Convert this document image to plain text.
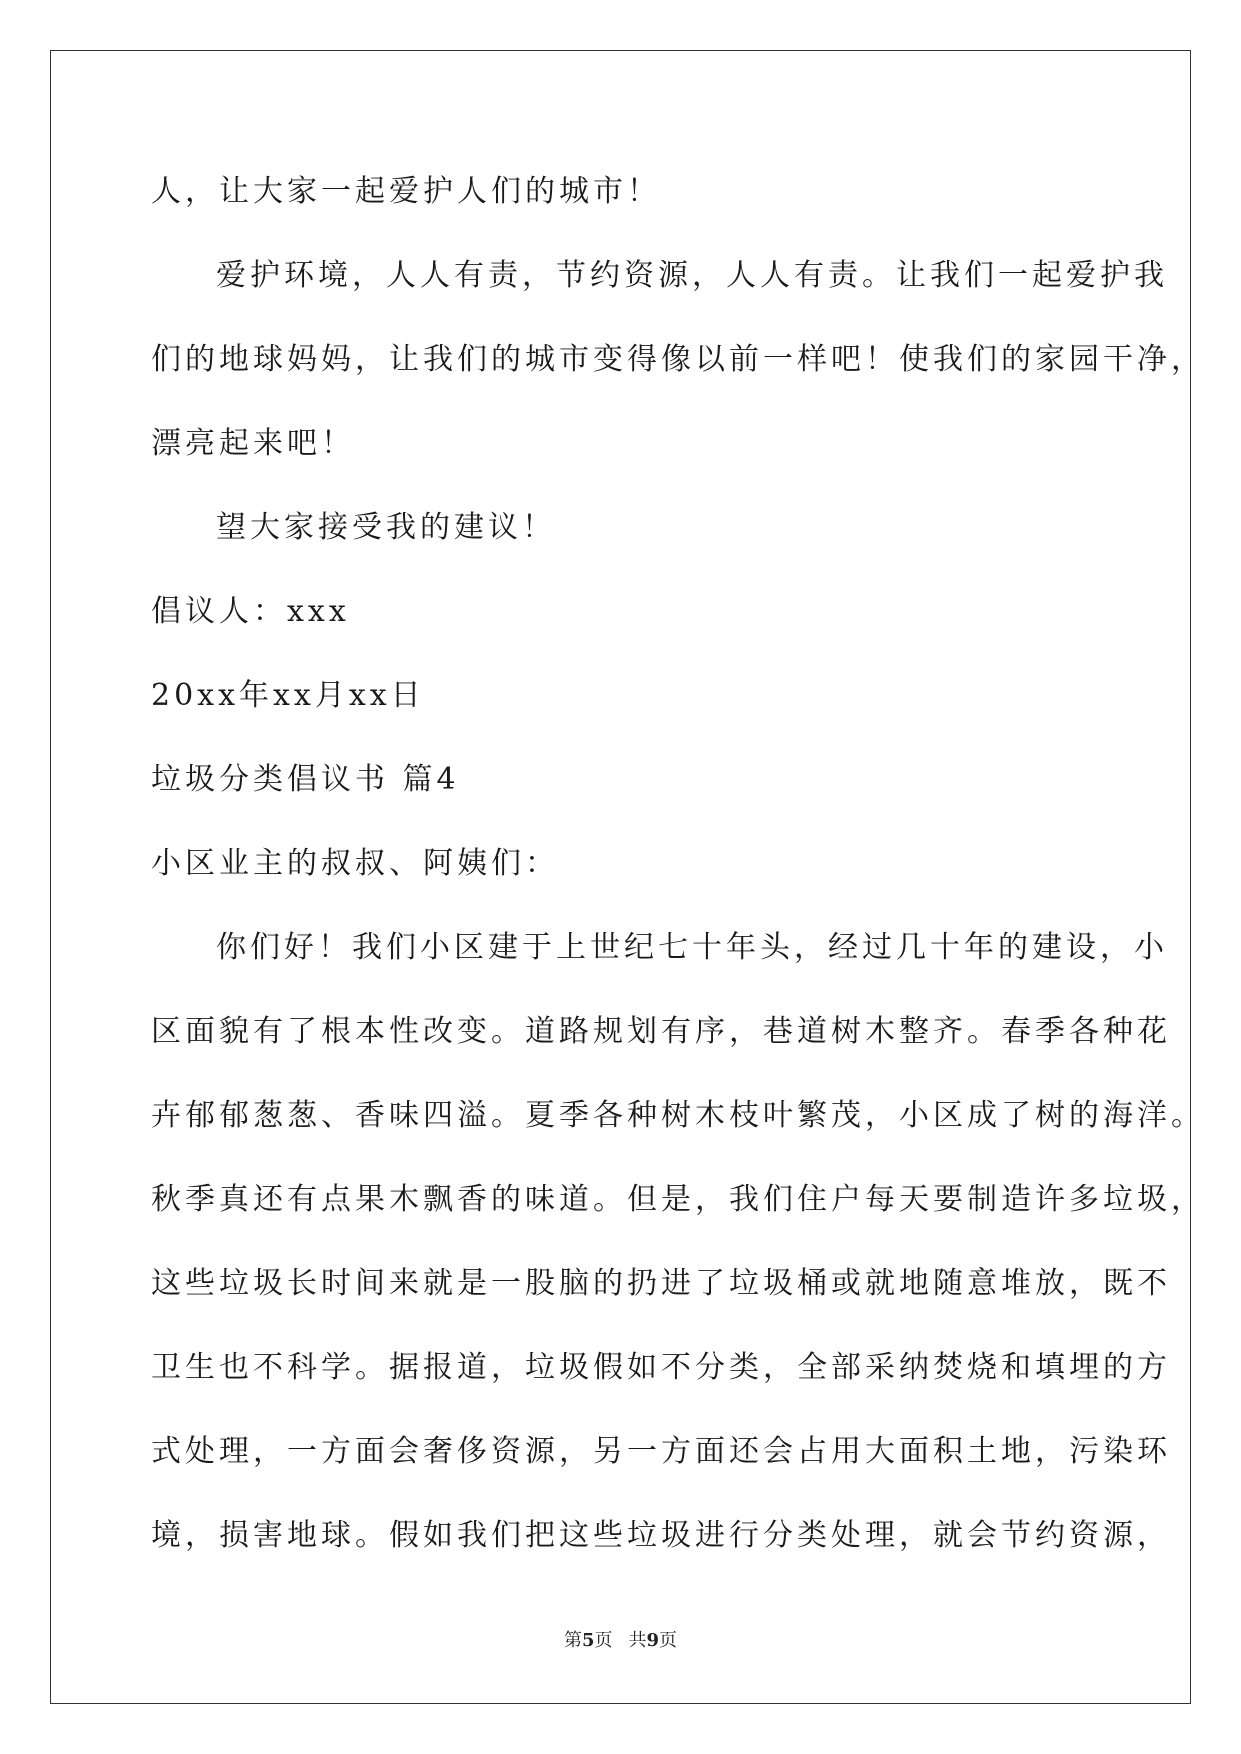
人，让大家一起爱护人们的城市！
爱护环境，人人有责，节约资源，人人有责。让我们一起爱护我
们的地球妈妈，让我们的城市变得像以前一样吧！使我们的家园干净，
漂亮起来吧！
望大家接受我的建议！
倡议人：xxx
20xx年xx月xx日
垃圾分类倡议书 篇4
小区业主的叔叔、阿姨们：
你们好！我们小区建于上世纪七十年头，经过几十年的建设，小
区面貌有了根本性改变。道路规划有序，巷道树木整齐。春季各种花
卉郁郁葱葱、香味四溢。夏季各种树木枝叶繁茂，小区成了树的海洋。
秋季真还有点果木飘香的味道。但是，我们住户每天要制造许多垃圾，
这些垃圾长时间来就是一股脑的扔进了垃圾桶或就地随意堆放，既不
卫生也不科学。据报道，垃圾假如不分类，全部采纳焚烧和填埋的方
式处理，一方面会奢侈资源，另一方面还会占用大面积土地，污染环
境，损害地球。假如我们把这些垃圾进行分类处理，就会节约资源，
第5页 共9页
